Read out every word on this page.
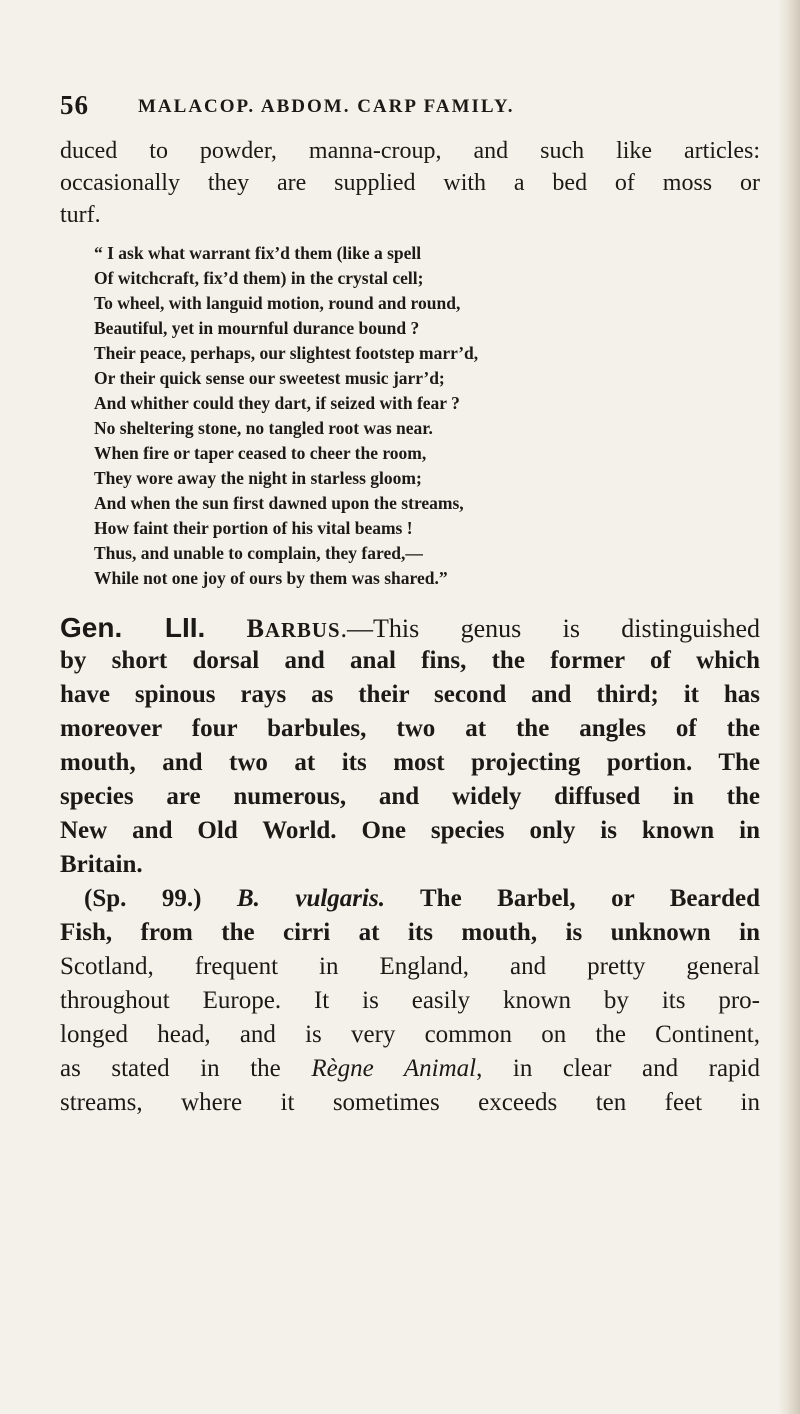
56	MALACOP. ABDOM. CARP FAMILY.
duced to powder, manna-croup, and such like articles:
occasionally they are supplied with a bed of moss or
turf.
“ I ask what warrant fix’d them (like a spell
Of witchcraft, fix’d them) in the crystal cell;
To wheel, with languid motion, round and round,
Beautiful, yet in mournful durance bound ?
Their peace, perhaps, our slightest footstep marr’d,
Or their quick sense our sweetest music jarr’d;
And whither could they dart, if seized with fear ?
No sheltering stone, no tangled root was near.
When fire or taper ceased to cheer the room,
They wore away the night in starless gloom;
And when the sun first dawned upon the streams,
How faint their portion of his vital beams !
Thus, and unable to complain, they fared,—
While not one joy of ours by them was shared.”
Gen. LII. BARBUS.—This genus is distinguished
by short dorsal and anal fins, the former of which
have spinous rays as their second and third; it has
moreover four barbules, two at the angles of the
mouth, and two at its most projecting portion. The
species are numerous, and widely diffused in the
New and Old World. One species only is known in
Britain.
(Sp. 99.) B. vulgaris. The Barbel, or Bearded
Fish, from the cirri at its mouth, is unknown in
Scotland, frequent in England, and pretty general
throughout Europe. It is easily known by its pro-
longed head, and is very common on the Continent,
as stated in the Règne Animal, in clear and rapid
streams, where it sometimes exceeds ten feet in
